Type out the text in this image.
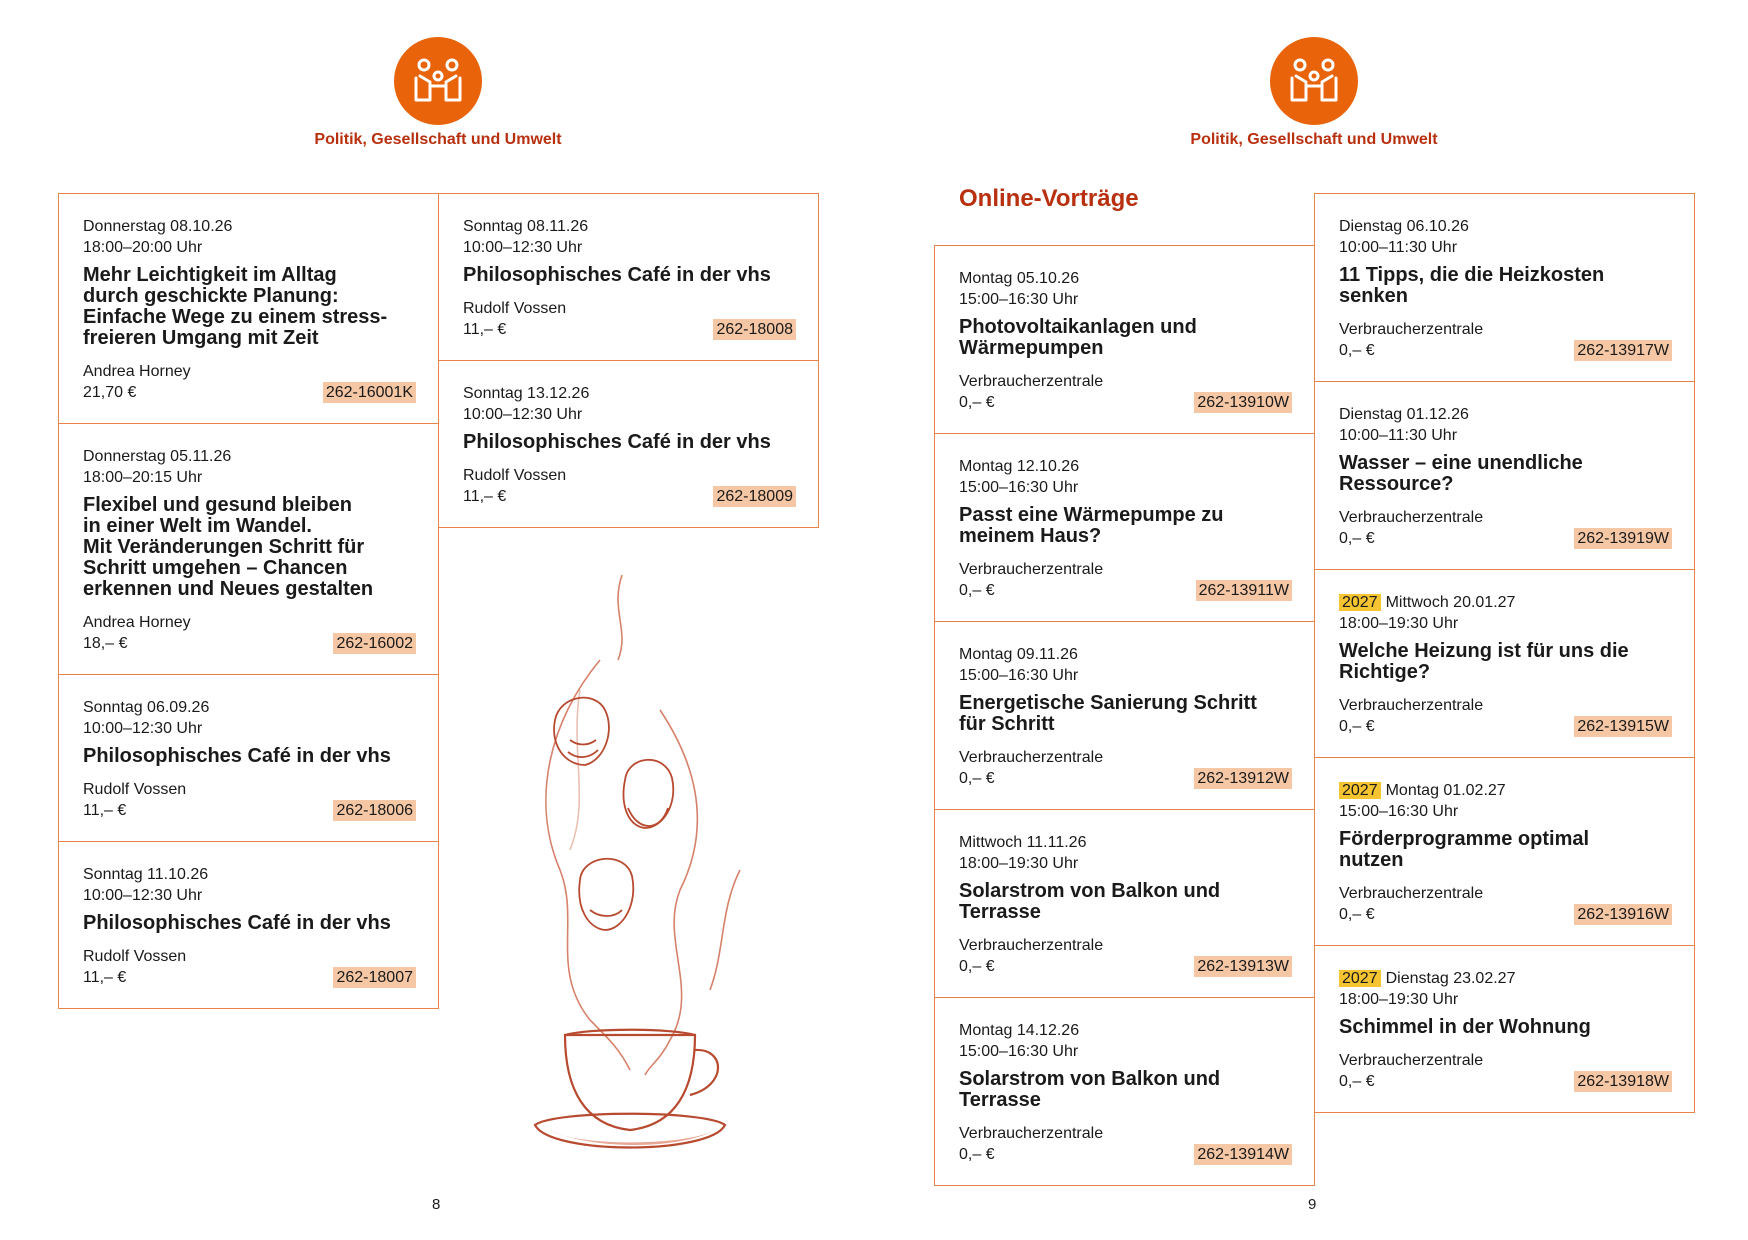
Politik, Gesellschaft und Umwelt
Donnerstag 08.10.26
18:00–20:00 Uhr
Mehr Leichtigkeit im Alltag
durch geschickte Planung:
Einfache Wege zu einem stress-
freieren Umgang mit Zeit
Andrea Horney
21,70 €	262-16001K
Donnerstag 05.11.26
18:00–20:15 Uhr
Flexibel und gesund bleiben
in einer Welt im Wandel.
Mit Veränderungen Schritt für
Schritt umgehen – Chancen
erkennen und Neues gestalten
Andrea Horney
18,– €	262-16002
Sonntag 06.09.26
10:00–12:30 Uhr
Philosophisches Café in der vhs
Rudolf Vossen
11,– €	262-18006
Sonntag 11.10.26
10:00–12:30 Uhr
Philosophisches Café in der vhs
Rudolf Vossen
11,– €	262-18007
Sonntag 08.11.26
10:00–12:30 Uhr
Philosophisches Café in der vhs
Rudolf Vossen
11,– €	262-18008
Sonntag 13.12.26
10:00–12:30 Uhr
Philosophisches Café in der vhs
Rudolf Vossen
11,– €	262-18009
8
Politik, Gesellschaft und Umwelt
Online-Vorträge
Montag 05.10.26
15:00–16:30 Uhr
Photovoltaikanlagen und
Wärmepumpen
Verbraucherzentrale
0,– €	262-13910W
Montag 12.10.26
15:00–16:30 Uhr
Passt eine Wärmepumpe zu
meinem Haus?
Verbraucherzentrale
0,– €	262-13911W
Montag 09.11.26
15:00–16:30 Uhr
Energetische Sanierung Schritt
für Schritt
Verbraucherzentrale
0,– €	262-13912W
Mittwoch 11.11.26
18:00–19:30 Uhr
Solarstrom von Balkon und
Terrasse
Verbraucherzentrale
0,– €	262-13913W
Montag 14.12.26
15:00–16:30 Uhr
Solarstrom von Balkon und
Terrasse
Verbraucherzentrale
0,– €	262-13914W
Dienstag 06.10.26
10:00–11:30 Uhr
11 Tipps, die die Heizkosten
senken
Verbraucherzentrale
0,– €	262-13917W
Dienstag 01.12.26
10:00–11:30 Uhr
Wasser – eine unendliche
Ressource?
Verbraucherzentrale
0,– €	262-13919W
2027 Mittwoch 20.01.27
18:00–19:30 Uhr
Welche Heizung ist für uns die
Richtige?
Verbraucherzentrale
0,– €	262-13915W
2027 Montag 01.02.27
15:00–16:30 Uhr
Förderprogramme optimal
nutzen
Verbraucherzentrale
0,– €	262-13916W
2027 Dienstag 23.02.27
18:00–19:30 Uhr
Schimmel in der Wohnung
Verbraucherzentrale
0,– €	262-13918W
9
